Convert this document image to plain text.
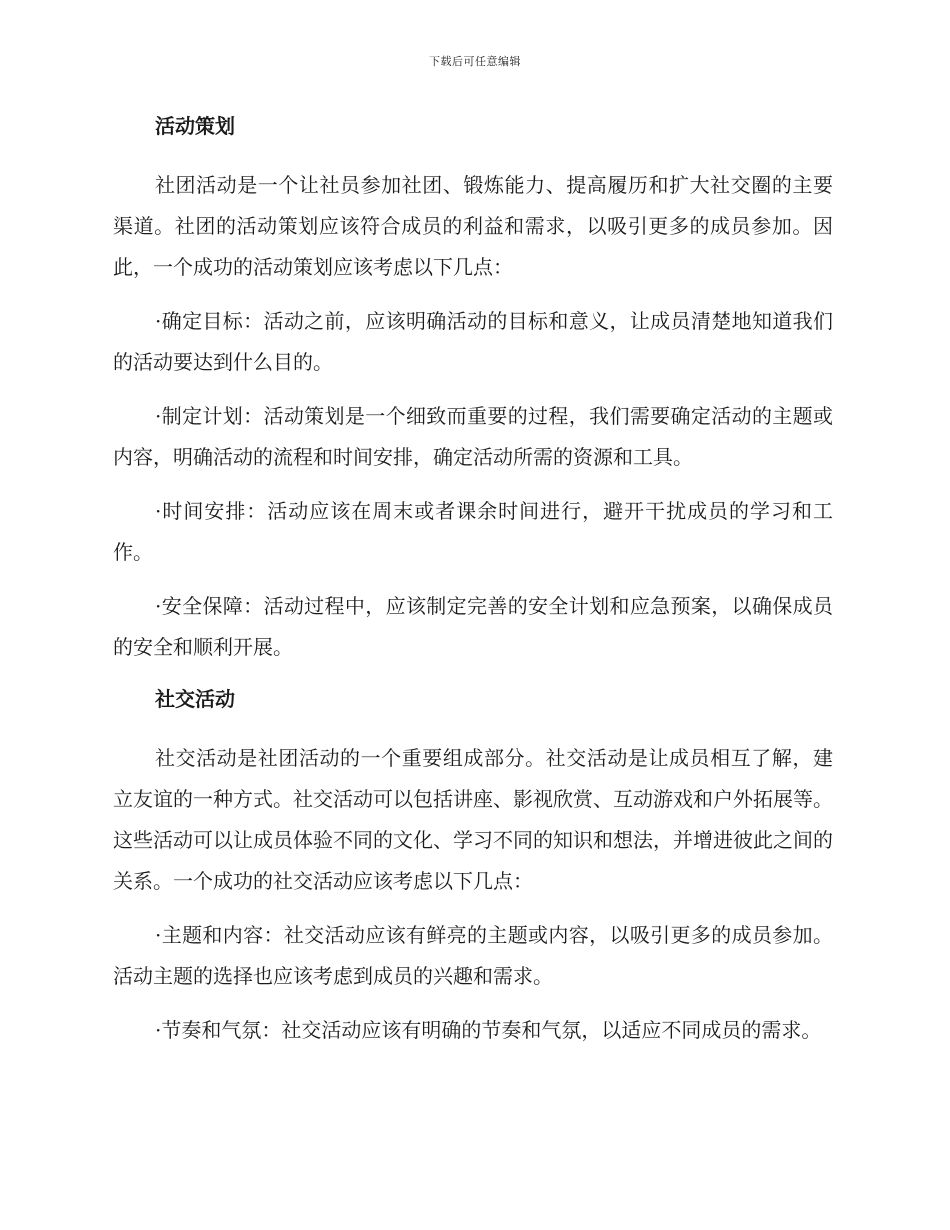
下载后可任意编辑
活动策划

社团活动是一个让社员参加社团、锻炼能力、提高履历和扩大社交圈的主要渠道。社团的活动策划应该符合成员的利益和需求，以吸引更多的成员参加。因此，一个成功的活动策划应该考虑以下几点：

·确定目标：活动之前，应该明确活动的目标和意义，让成员清楚地知道我们的活动要达到什么目的。

·制定计划：活动策划是一个细致而重要的过程，我们需要确定活动的主题或内容，明确活动的流程和时间安排，确定活动所需的资源和工具。

·时间安排：活动应该在周末或者课余时间进行，避开干扰成员的学习和工作。

·安全保障：活动过程中，应该制定完善的安全计划和应急预案，以确保成员的安全和顺利开展。

社交活动

社交活动是社团活动的一个重要组成部分。社交活动是让成员相互了解，建立友谊的一种方式。社交活动可以包括讲座、影视欣赏、互动游戏和户外拓展等。这些活动可以让成员体验不同的文化、学习不同的知识和想法，并增进彼此之间的关系。一个成功的社交活动应该考虑以下几点：

·主题和内容：社交活动应该有鲜亮的主题或内容，以吸引更多的成员参加。活动主题的选择也应该考虑到成员的兴趣和需求。

·节奏和气氛：社交活动应该有明确的节奏和气氛，以适应不同成员的需求。
